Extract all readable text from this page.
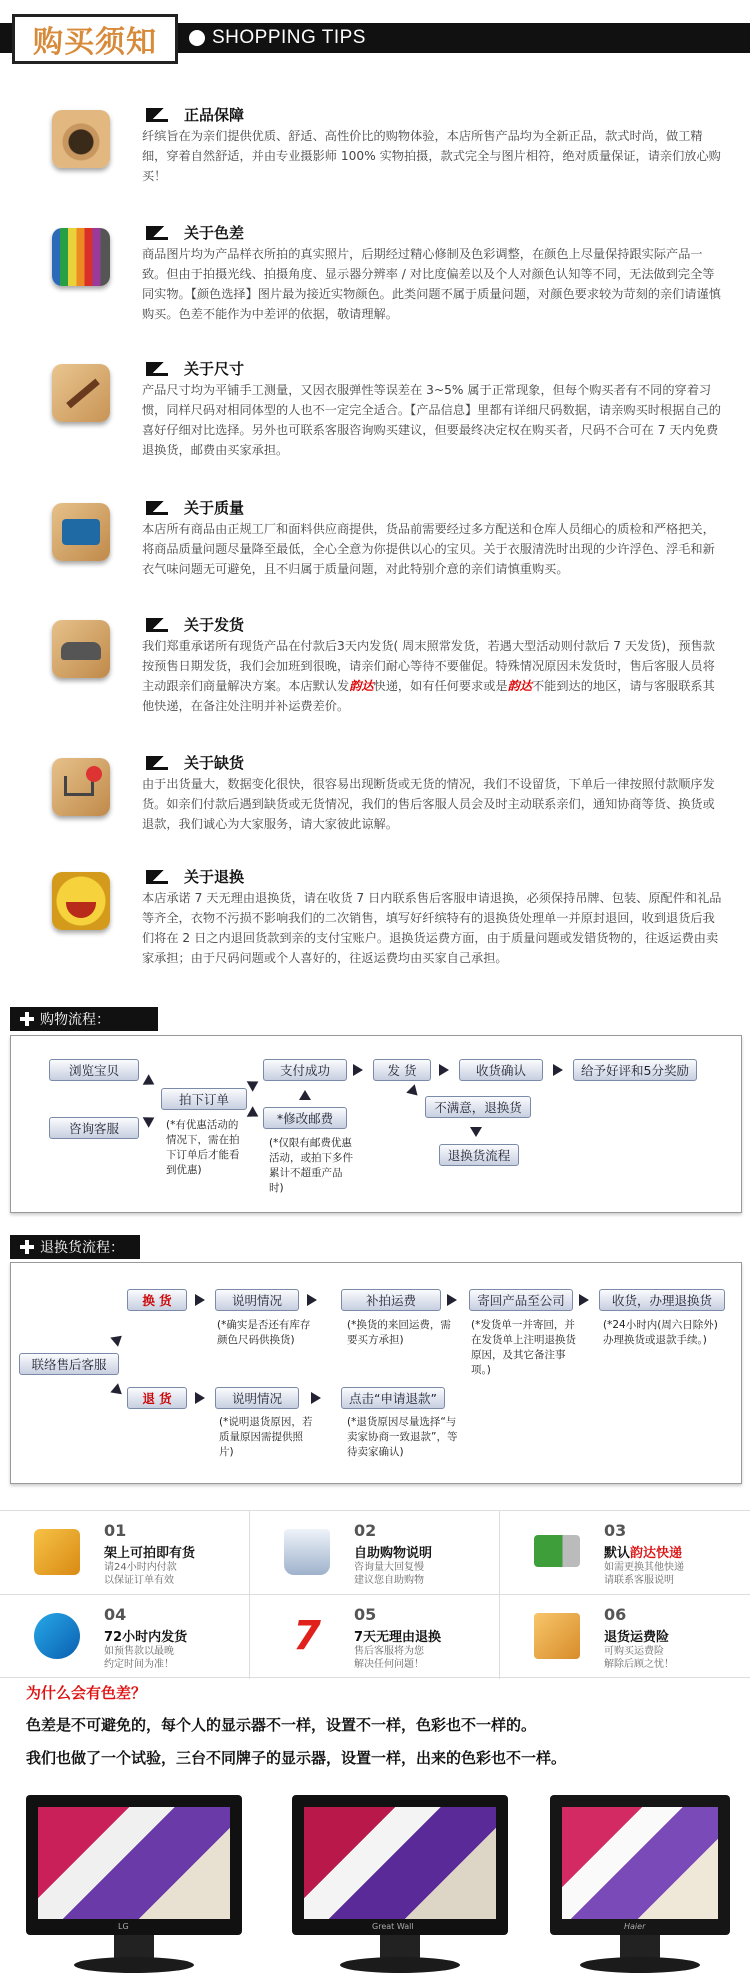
购买须知	SHOPPING TIPS
正品保障
纤缤旨在为亲们提供优质、舒适、高性价比的购物体验，本店所售产品均为全新正品，款式时尚，做工精细，穿着自然舒适，并由专业摄影师 100% 实物拍摄，款式完全与图片相符，绝对质量保证，请亲们放心购买！
关于色差
商品图片均为产品样衣所拍的真实照片，后期经过精心修制及色彩调整，在颜色上尽量保持跟实际产品一致。但由于拍摄光线、拍摄角度、显示器分辨率 / 对比度偏差以及个人对颜色认知等不同，无法做到完全等同实物。【颜色选择】图片最为接近实物颜色。此类问题不属于质量问题，对颜色要求较为苛刻的亲们请谨慎购买。色差不能作为中差评的依据，敬请理解。
关于尺寸
产品尺寸均为平铺手工测量，又因衣服弹性等误差在 3~5% 属于正常现象，但每个购买者有不同的穿着习惯，同样尺码对相同体型的人也不一定完全适合。【产品信息】里都有详细尺码数据，请亲购买时根据自己的喜好仔细对比选择。另外也可联系客服咨询购买建议，但要最终决定权在购买者，尺码不合可在 7 天内免费退换货，邮费由买家承担。
关于质量
本店所有商品由正规工厂和面料供应商提供，货品前需要经过多方配送和仓库人员细心的质检和严格把关，将商品质量问题尽量降至最低，全心全意为你提供以心的宝贝。关于衣服清洗时出现的少许浮色、浮毛和新衣气味问题无可避免，且不归属于质量问题，对此特别介意的亲们请慎重购买。
关于发货
我们郑重承诺所有现货产品在付款后3天内发货( 周末照常发货，若遇大型活动则付款后 7 天发货)，预售款按预售日期发货，我们会加班到很晚，请亲们耐心等待不要催促。特殊情况原因未发货时，售后客服人员将主动跟亲们商量解决方案。本店默认发韵达快递，如有任何要求或是韵达不能到达的地区，请与客服联系其他快递，在备注处注明并补运费差价。
关于缺货
由于出货量大，数据变化很快，很容易出现断货或无货的情况，我们不设留货，下单后一律按照付款顺序发货。如亲们付款后遇到缺货或无货情况，我们的售后客服人员会及时主动联系亲们，通知协商等货、换货或退款，我们诚心为大家服务，请大家彼此谅解。
关于退换
本店承诺 7 天无理由退换货，请在收货 7 日内联系售后客服申请退换，必须保持吊牌、包装、原配件和礼品等齐全，衣物不污损不影响我们的二次销售，填写好纤缤特有的退换货处理单一并原封退回，收到退货后我们将在 2 日之内退回货款到亲的支付宝账户。退换货运费方面，由于质量问题或发错货物的，往返运费由卖家承担；由于尺码问题或个人喜好的，往返运费均由买家自己承担。
购物流程：
浏览宝贝
咨询客服
拍下订单
(*有优惠活动的情况下，需在拍下订单后才能看到优惠)
支付成功
*修改邮费
(*仅限有邮费优惠活动，或拍下多件累计不超重产品时)
发 货	收货确认	给予好评和5分奖励
不满意，退换货
退换货流程
退换货流程：
联络售后客服
换 货
退 货
说明情况
(*确实是否还有库存颜色尺码供换货)
补拍运费
(*换货的来回运费，需要买方承担)
寄回产品至公司
(*发货单一并寄回，并在发货单上注明退换货原因，及其它备注事项。)
收货，办理退换货
(*24小时内(周六日除外)办理换货或退款手续。)
说明情况
(*说明退货原因，若质量原因需提供照片)
点击“申请退款”
(*退货原因尽量选择“与卖家协商一致退款”，等待卖家确认)
01
架上可拍即有货
请24小时内付款
以保证订单有效
02
自助购物说明
咨询量大回复慢
建议您自助购物
03
默认韵达快递
如需更换其他快递
请联系客服说明
04
72小时内发货
如预售款以最晚
约定时间为准！
7	05
7天无理由退换
售后客服将为您
解决任何问题！
06
退货运费险
可购买运费险
解除后顾之忧！
为什么会有色差？
色差是不可避免的，每个人的显示器不一样，设置不一样，色彩也不一样的。
我们也做了一个试验，三台不同牌子的显示器，设置一样，出来的色彩也不一样。
LG	Great Wall	Haier
